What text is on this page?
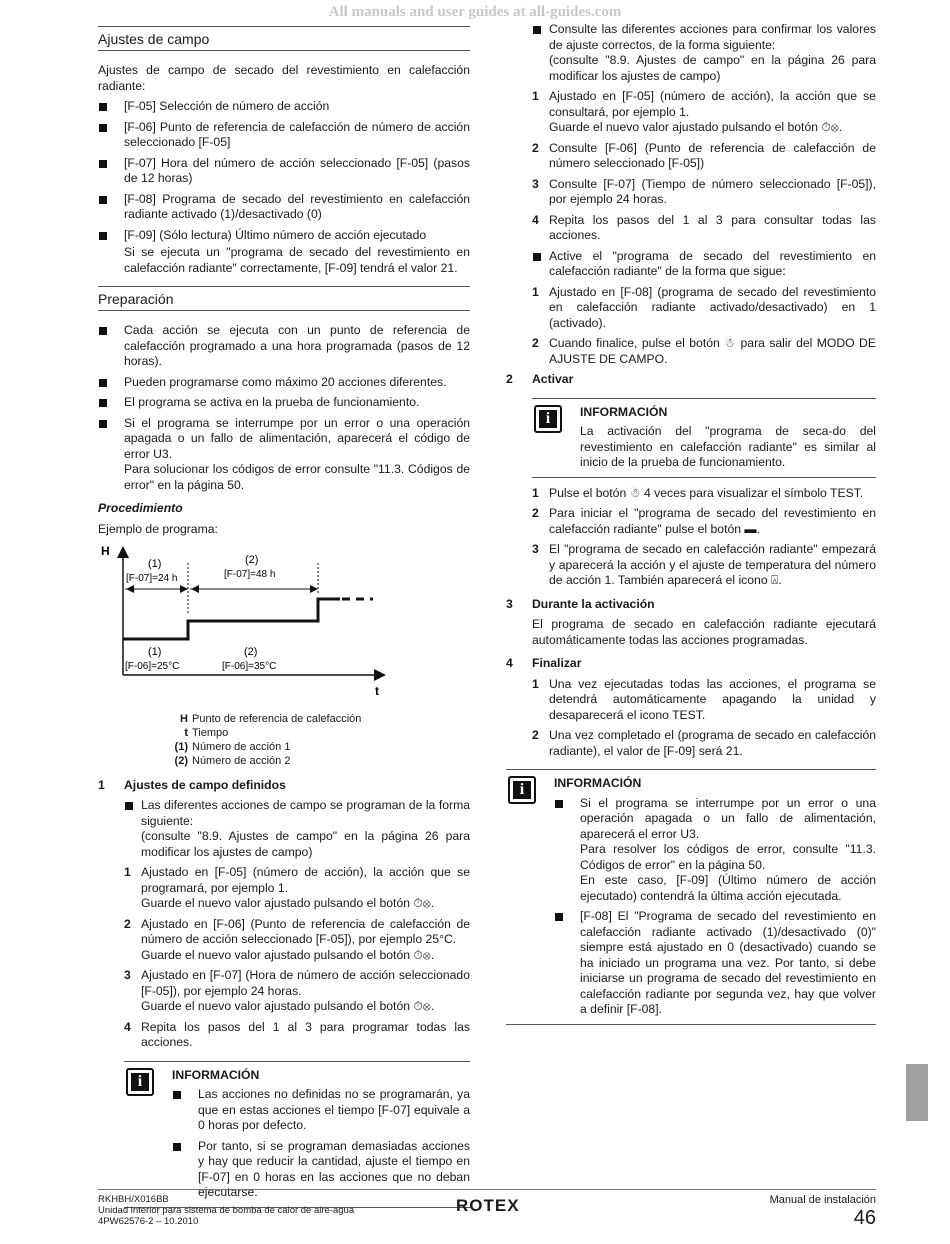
All manuals and user guides at all-guides.com
Ajustes de campo

Ajustes de campo de secado del revestimiento en calefacción radiante:

[F-05] Selección de número de acción
[F-06] Punto de referencia de calefacción de número de acción seleccionado [F-05]
[F-07] Hora del número de acción seleccionado [F-05] (pasos de 12 horas)
[F-08] Programa de secado del revestimiento en calefacción radiante activado (1)/desactivado (0)
[F-09] (Sólo lectura) Último número de acción ejecutado

Si se ejecuta un "programa de secado del revestimiento en calefacción radiante" correctamente, [F-09] tendrá el valor 21.

Preparación
Cada acción se ejecuta con un punto de referencia de calefacción programado a una hora programada (pasos de 12 horas).
Pueden programarse como máximo 20 acciones diferentes.
El programa se activa en la prueba de funcionamiento.
Si el programa se interrumpe por un error o una operación apagada o un fallo de alimentación, aparecerá el código de error U3.

Para solucionar los códigos de error consulte "11.3. Códigos de error" en la página 50.

Procedimiento

Ejemplo de programa:

H
t
(1)
[F-07]=24 h
(2)
[F-07]=48 h
(1)
[F-06]=25°C
(2)
[F-06]=35°C
H Punto de referencia de calefacción
t Tiempo
(1) Número de acción 1
(2) Número de acción 2
1 Ajustes de campo definidos
Las diferentes acciones de campo se programan de la forma siguiente:

(consulte "8.9. Ajustes de campo" en la página 26 para modificar los ajustes de campo)

1 Ajustado en [F-05] (número de acción), la acción que se programará, por ejemplo 1.
Guarde el nuevo valor ajustado pulsando el botón ⏱⊗.
2 Ajustado en [F-06] (Punto de referencia de calefacción de número de acción seleccionado [F-05]), por ejemplo 25°C.
Guarde el nuevo valor ajustado pulsando el botón ⏱⊗.
3 Ajustado en [F-07] (Hora de número de acción seleccionado [F-05]), por ejemplo 24 horas.
Guarde el nuevo valor ajustado pulsando el botón ⏱⊗.
4 Repita los pasos del 1 al 3 para programar todas las acciones.
i	INFORMACIÓN
Las acciones no definidas no se programarán, ya que en estas acciones el tiempo [F-07] equivale a 0 horas por defecto.
Por tanto, si se programan demasiadas acciones y hay que reducir la cantidad, ajuste el tiempo en [F-07] en 0 horas en las acciones que no deban ejecutarse.
Consulte las diferentes acciones para confirmar los valores de ajuste correctos, de la forma siguiente:

(consulte "8.9. Ajustes de campo" en la página 26 para modificar los ajustes de campo)

1 Ajustado en [F-05] (número de acción), la acción que se consultará, por ejemplo 1.
Guarde el nuevo valor ajustado pulsando el botón ⏱⊗.
2 Consulte [F-06] (Punto de referencia de calefacción de número seleccionado [F-05])
3 Consulte [F-07] (Tiempo de número seleccionado [F-05]), por ejemplo 24 horas.
4 Repita los pasos del 1 al 3 para consultar todas las acciones.
Active el "programa de secado del revestimiento en calefacción radiante" de la forma que sigue:
1 Ajustado en [F-08] (programa de secado del revestimiento en calefacción radiante activado/desactivado) en 1 (activado).
2 Cuando finalice, pulse el botón ☃ para salir del MODO DE AJUSTE DE CAMPO.
2 Activar
i	INFORMACIÓN

La activación del "programa de seca-do del revestimiento en calefacción radiante" es similar al inicio de la prueba de funcionamiento.

1 Pulse el botón ☃ 4 veces para visualizar el símbolo TEST.
2 Para iniciar el "programa de secado del revestimiento en calefacción radiante" pulse el botón ▬.
3 El "programa de secado en calefacción radiante" empezará y aparecerá la acción y el ajuste de temperatura del número de acción 1. También aparecerá el icono ⍓.
3 Durante la activación

El programa de secado en calefacción radiante ejecutará automáticamente todas las acciones programadas.

4 Finalizar
1 Una vez ejecutadas todas las acciones, el programa se detendrá automáticamente apagando la unidad y desaparecerá el icono TEST.
2 Una vez completado el (programa de secado en calefacción radiante), el valor de [F-09] será 21.
i	INFORMACIÓN
Si el programa se interrumpe por un error o una operación apagada o un fallo de alimentación, aparecerá el error U3.
Para resolver los códigos de error, consulte "11.3. Códigos de error" en la página 50.
En este caso, [F-09] (Último número de acción ejecutado) contendrá la última acción ejecutada.
[F-08] El "Programa de secado del revestimiento en calefacción radiante activado (1)/desactivado (0)" siempre está ajustado en 0 (desactivado) cuando se ha iniciado un programa una vez. Por tanto, si debe iniciarse un programa de secado del revestimiento en calefacción radiante por segunda vez, hay que volver a definir [F-08].
RKHBH/X016BB
Unidad interior para sistema de bomba de calor de aire-agua
4PW62576-2 – 10.2010
ROTEX	Manual de instalación
46
